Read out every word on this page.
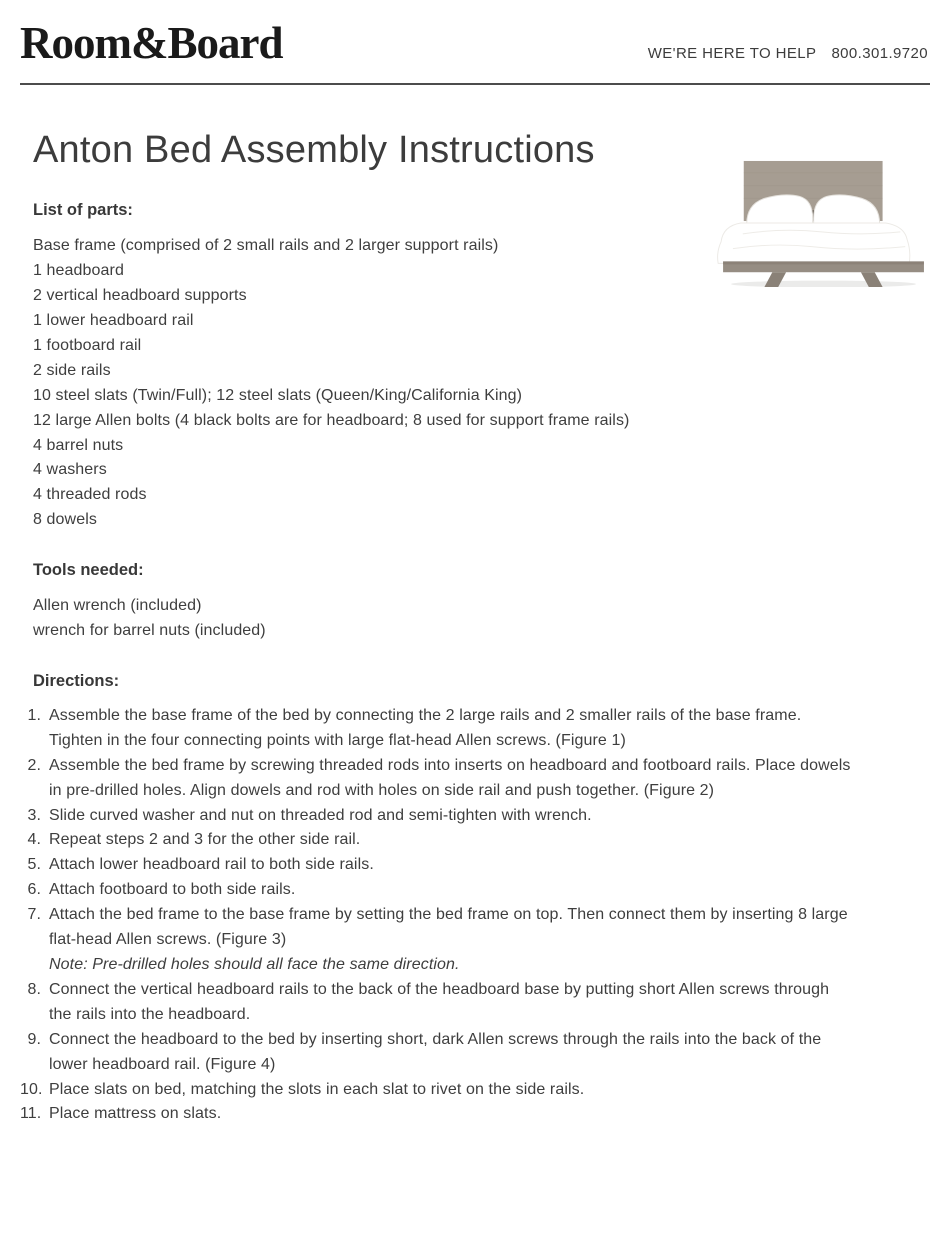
Room&Board	WE'RE HERE TO HELP 800.301.9720
Anton Bed Assembly Instructions
List of parts:
Base frame (comprised of 2 small rails and 2 larger support rails)
1 headboard
2 vertical headboard supports
1 lower headboard rail
1 footboard rail
2 side rails
10 steel slats (Twin/Full); 12 steel slats (Queen/King/California King)
12 large Allen bolts (4 black bolts are for headboard; 8 used for support frame rails)
4 barrel nuts
4 washers
4 threaded rods
8 dowels
Tools needed:
Allen wrench (included)
wrench for barrel nuts (included)
Directions:
1. Assemble the base frame of the bed by connecting the 2 large rails and 2 smaller rails of the base frame.
Tighten in the four connecting points with large flat-head Allen screws. (Figure 1)
2. Assemble the bed frame by screwing threaded rods into inserts on headboard and footboard rails. Place dowels
in pre-drilled holes. Align dowels and rod with holes on side rail and push together. (Figure 2)
3. Slide curved washer and nut on threaded rod and semi-tighten with wrench.
4. Repeat steps 2 and 3 for the other side rail.
5. Attach lower headboard rail to both side rails.
6. Attach footboard to both side rails.
7. Attach the bed frame to the base frame by setting the bed frame on top. Then connect them by inserting 8 large
flat-head Allen screws. (Figure 3)
Note: Pre-drilled holes should all face the same direction.
8. Connect the vertical headboard rails to the back of the headboard base by putting short Allen screws through
the rails into the headboard.
9. Connect the headboard to the bed by inserting short, dark Allen screws through the rails into the back of the
lower headboard rail. (Figure 4)
10. Place slats on bed, matching the slots in each slat to rivet on the side rails.
11. Place mattress on slats.
